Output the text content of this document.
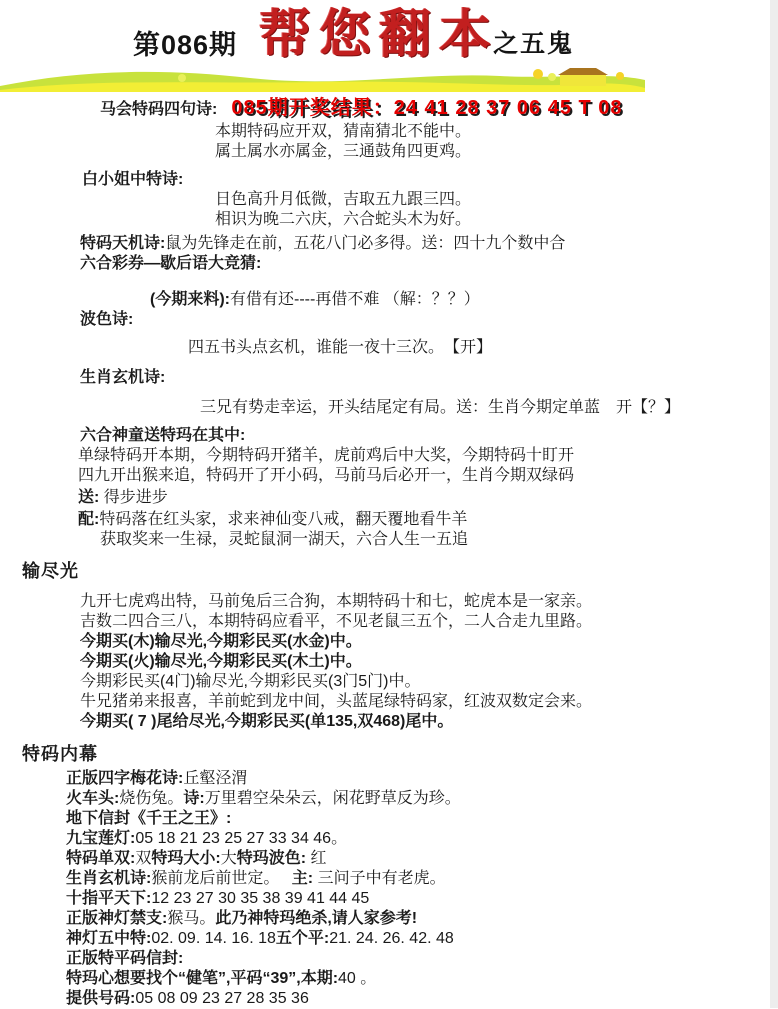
第086期 帮您翻本
之五鬼
马会特码四句诗: 085期开奖结果：24 41 28 37 06 45 T 08
本期特码应开双，猜南猜北不能中。
属土属水亦属金，三通鼓角四更鸡。
白小姐中特诗:
日色高升月低微，吉取五九跟三四。
相识为晚二六庆，六合蛇头木为好。
特码天机诗:鼠为先锋走在前，五花八门必多得。送：四十九个数中合
六合彩券—歇后语大竞猜:
(今期来料):有借有还----再借不难 （解：？？）
波色诗:
四五书头点玄机，谁能一夜十三次。　【开】
生肖玄机诗:
三兄有势走幸运，开头结尾定有局。送：生肖今期定单蓝　开【？】
六合神童送特玛在其中:
单绿特码开本期，今期特码开猪羊，虎前鸡后中大奖，今期特码十盯开
四九开出猴来追，特码开了开小码，马前马后必开一，生肖今期双绿码
送: 得步进步
配:特码落在红头家，求来神仙变八戒，翻天覆地看牛羊
获取奖来一生禄，灵蛇鼠洞一湖天，六合人生一五追
输尽光
九开七虎鸡出特，马前兔后三合狗，本期特码十和七，蛇虎本是一家亲。
吉数二四合三八，本期特码应看平，不见老鼠三五个，二人合走九里路。
今期买(木)输尽光,今期彩民买(水金)中。
今期买(火)输尽光,今期彩民买(木土)中。
今期彩民买(4门)输尽光,今期彩民买(3门5门)中。
牛兄猪弟来报喜，羊前蛇到龙中间，头蓝尾绿特码家，红波双数定会来。
今期买( 7 )尾给尽光,今期彩民买(单135,双468)尾中。
特码内幕
正版四字梅花诗:丘壑泾渭
火车头:烧伤兔。诗:万里碧空朵朵云，闲花野草反为珍。
地下信封《千王之王》:
九宝莲灯:05 18 21 23 25 27 33 34 46。
特码单双:双特玛大小:大特玛波色: 红
生肖玄机诗:猴前龙后前世定。　 主: 三问子中有老虎。
十指平天下:12 23 27 30 35 38 39 41 44 45
正版神灯禁支:猴马。此乃神特玛绝杀,请人家参考!
神灯五中特:02. 09. 14. 16. 18五个平:21. 24. 26. 42. 48
正版特平码信封:
特玛心想要找个“健笔”,平码“39”,本期:40 。
提供号码:05 08 09 23 27 28 35 36
